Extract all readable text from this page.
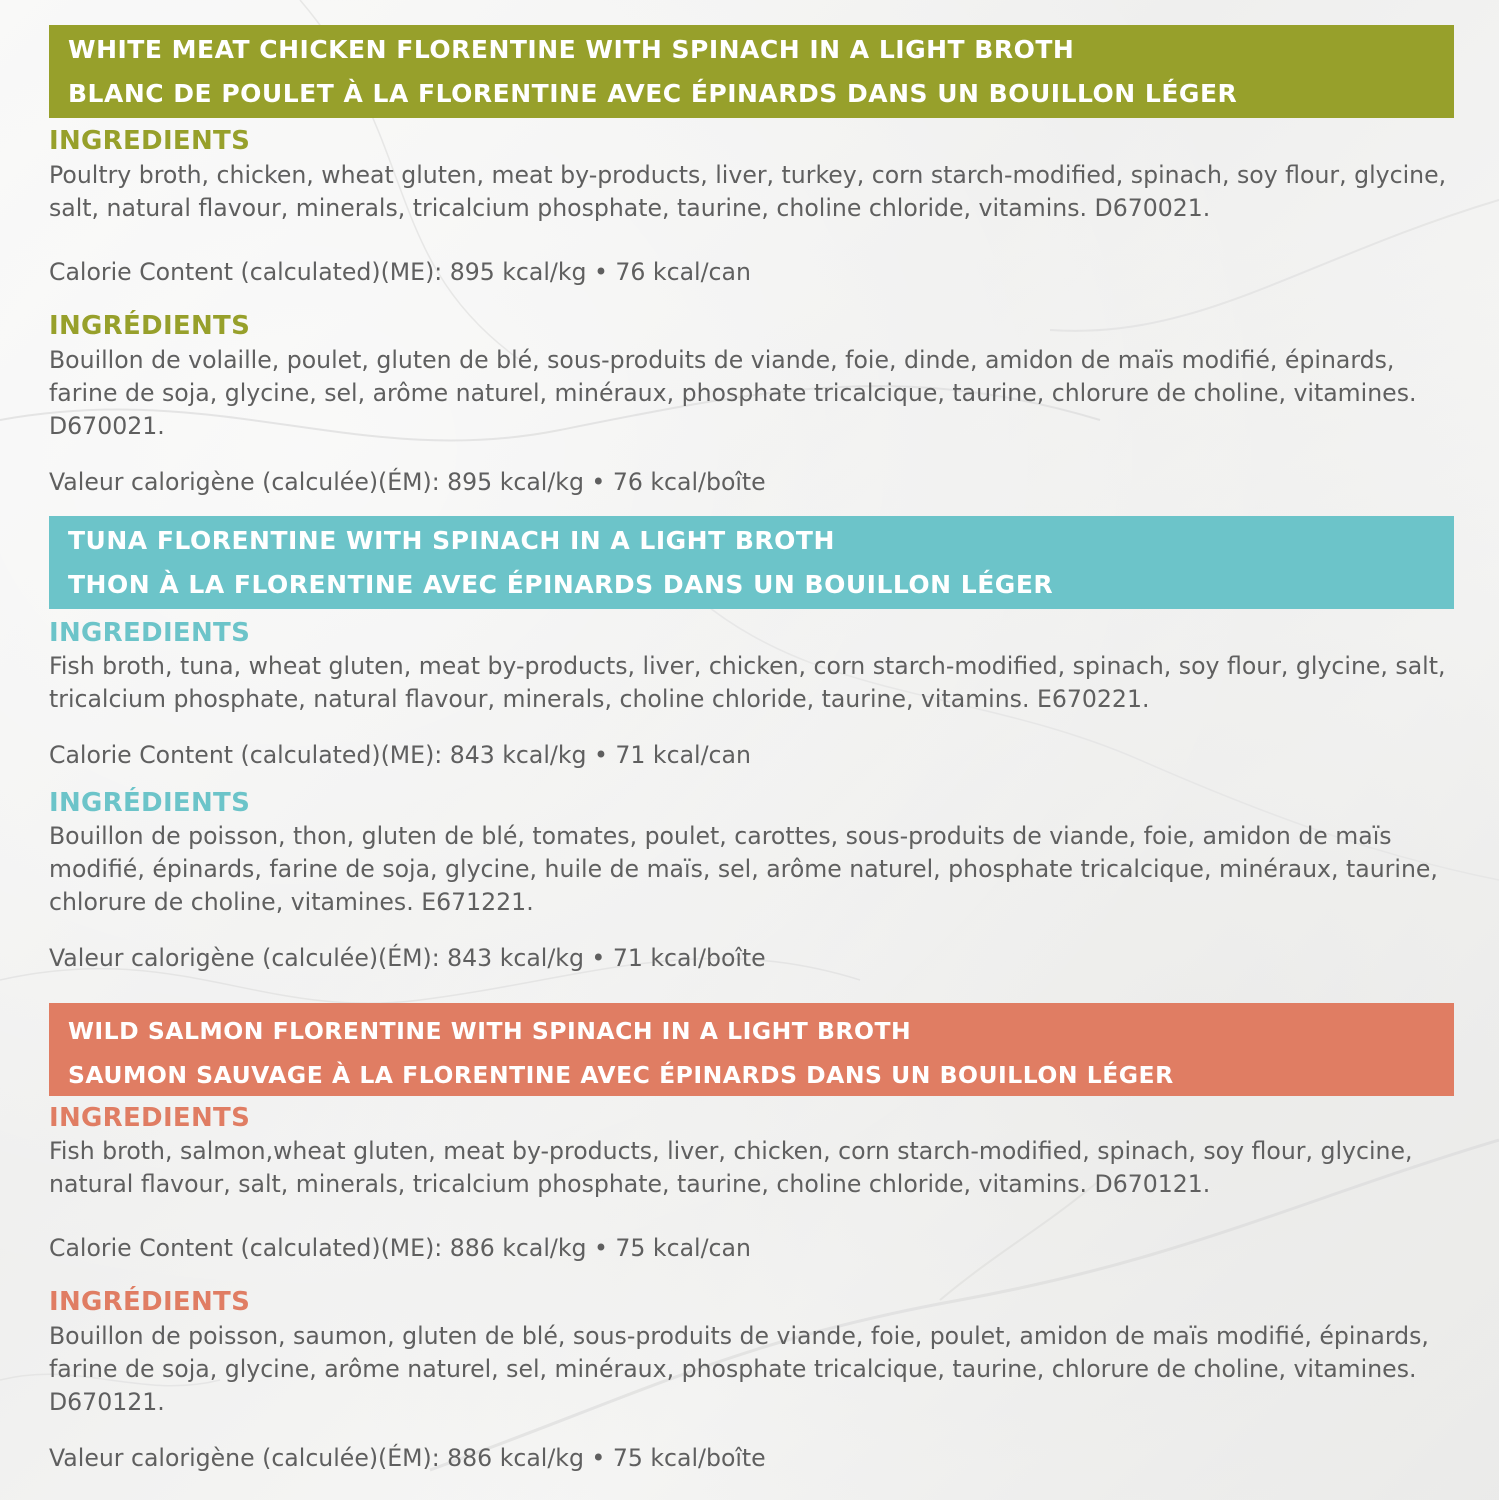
WHITE MEAT CHICKEN FLORENTINE WITH SPINACH IN A LIGHT BROTH
BLANC DE POULET À LA FLORENTINE AVEC ÉPINARDS DANS UN BOUILLON LÉGER
INGREDIENTS
Poultry broth, chicken, wheat gluten, meat by-products, liver, turkey, corn starch-modified, spinach, soy flour, glycine, salt, natural flavour, minerals, tricalcium phosphate, taurine, choline chloride, vitamins. D670021.
Calorie Content (calculated)(ME): 895 kcal/kg • 76 kcal/can
INGRÉDIENTS
Bouillon de volaille, poulet, gluten de blé, sous-produits de viande, foie, dinde, amidon de maïs modifié, épinards, farine de soja, glycine, sel, arôme naturel, minéraux, phosphate tricalcique, taurine, chlorure de choline, vitamines. D670021.
Valeur calorigène (calculée)(ÉM): 895 kcal/kg • 76 kcal/boîte
TUNA FLORENTINE WITH SPINACH IN A LIGHT BROTH
THON À LA FLORENTINE AVEC ÉPINARDS DANS UN BOUILLON LÉGER
INGREDIENTS
Fish broth, tuna, wheat gluten, meat by-products, liver, chicken, corn starch-modified, spinach, soy flour, glycine, salt, tricalcium phosphate, natural flavour, minerals, choline chloride, taurine, vitamins. E670221.
Calorie Content (calculated)(ME): 843 kcal/kg • 71 kcal/can
INGRÉDIENTS
Bouillon de poisson, thon, gluten de blé, tomates, poulet, carottes, sous-produits de viande, foie, amidon de maïs modifié, épinards, farine de soja, glycine, huile de maïs, sel, arôme naturel, phosphate tricalcique, minéraux, taurine, chlorure de choline, vitamines. E671221.
Valeur calorigène (calculée)(ÉM): 843 kcal/kg • 71 kcal/boîte
WILD SALMON FLORENTINE WITH SPINACH IN A LIGHT BROTH
SAUMON SAUVAGE À LA FLORENTINE AVEC ÉPINARDS DANS UN BOUILLON LÉGER
INGREDIENTS
Fish broth, salmon,wheat gluten, meat by-products, liver, chicken, corn starch-modified, spinach, soy flour, glycine, natural flavour, salt, minerals, tricalcium phosphate, taurine, choline chloride, vitamins. D670121.
Calorie Content (calculated)(ME): 886 kcal/kg • 75 kcal/can
INGRÉDIENTS
Bouillon de poisson, saumon, gluten de blé, sous-produits de viande, foie, poulet, amidon de maïs modifié, épinards, farine de soja, glycine, arôme naturel, sel, minéraux, phosphate tricalcique, taurine, chlorure de choline, vitamines. D670121.
Valeur calorigène (calculée)(ÉM): 886 kcal/kg • 75 kcal/boîte
